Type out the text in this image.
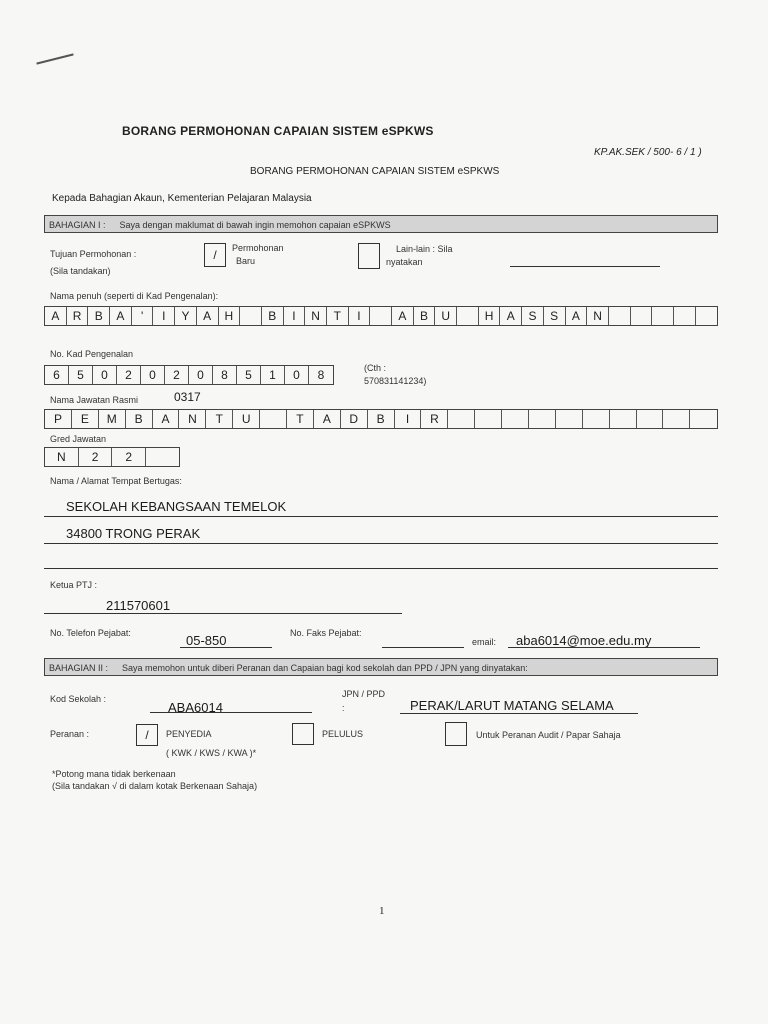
BORANG PERMOHONAN CAPAIAN SISTEM eSPKWS
KP.AK.SEK / 500- 6 / 1 )
BORANG PERMOHONAN CAPAIAN SISTEM eSPKWS
Kepada Bahagian Akaun, Kementerian Pelajaran Malaysia
BAHAGIAN I : Saya dengan maklumat di bawah ingin memohon capaian eSPKWS
Tujuan Permohonan :
(Sila tandakan)
/	Permohonan
Baru
Lain-lain : Sila
nyatakan
Nama penuh (seperti di Kad Pengenalan):
A	R	B	A	'	I	Y	A	H	B	I	N	T	I	A	B	U	H	A	S	S	A	N
No. Kad Pengenalan
6	5	0	2	0	2	0	8	5	1	0	8	(Cth :
570831141234)
Nama Jawatan Rasmi	0317
P	E	M	B	A	N	T	U	T	A	D	B	I	R
Gred Jawatan
N	2	2
Nama / Alamat Tempat Bertugas:
SEKOLAH KEBANGSAAN TEMELOK
34800 TRONG PERAK
Ketua PTJ :
211570601
No. Telefon Pejabat:	05-850	No. Faks Pejabat:
email: aba6014@moe.edu.my
BAHAGIAN II : Saya memohon untuk diberi Peranan dan Capaian bagi kod sekolah dan PPD / JPN yang dinyatakan:
Kod Sekolah :
ABA6014
JPN / PPD
:	PERAK/LARUT MATANG SELAMA
Peranan :	/	PENYEDIA
( KWK / KWS / KWA )*
PELULUS	Untuk Peranan Audit / Papar Sahaja
*Potong mana tidak berkenaan
(Sila tandakan √ di dalam kotak Berkenaan Sahaja)
1
